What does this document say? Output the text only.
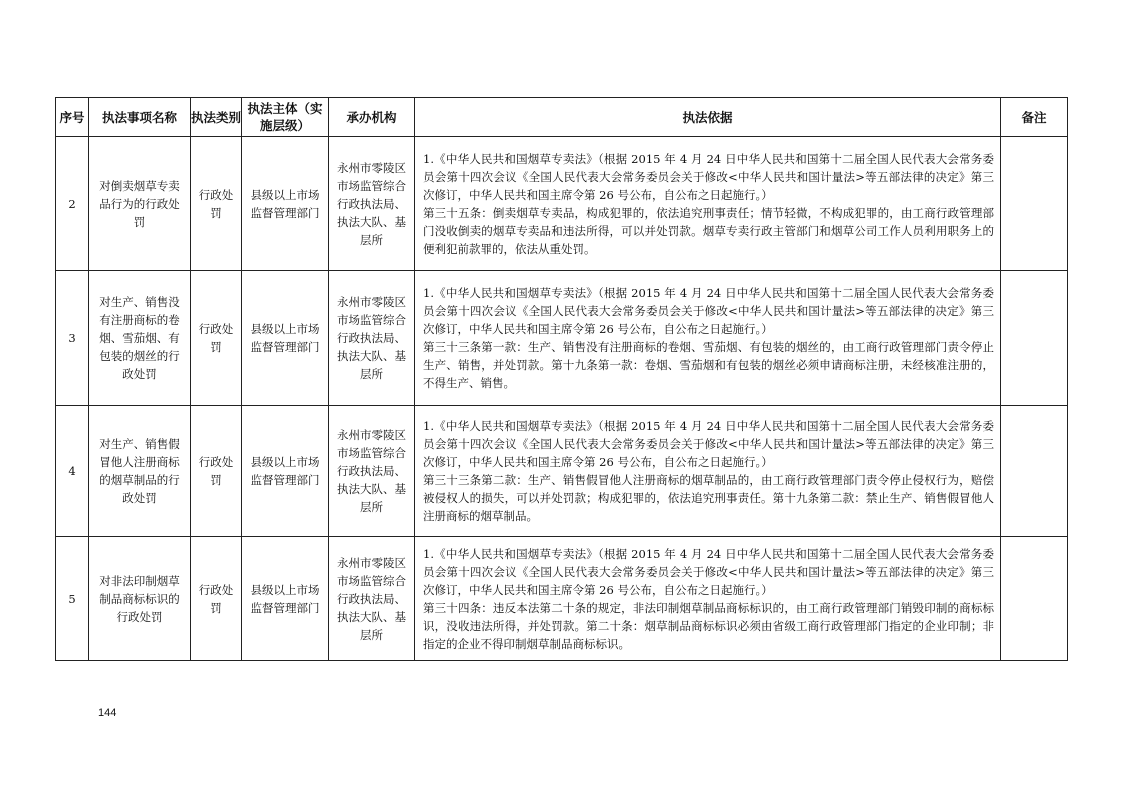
序号	执法事项名称	执法类别	执法主体（实施层级）	承办机构	执法依据	备注
2	对倒卖烟草专卖品行为的行政处罚	行政处罚	县级以上市场监督管理部门	永州市零陵区市场监管综合行政执法局、执法大队、基层所	1.《中华人民共和国烟草专卖法》（根据 2015 年 4 月 24 日中华人民共和国第十二届全国人民代表大会常务委员会第十四次会议《全国人民代表大会常务委员会关于修改<中华人民共和国计量法>等五部法律的决定》第三次修订，中华人民共和国主席令第 26 号公布，自公布之日起施行。）

第三十五条：倒卖烟草专卖品，构成犯罪的，依法追究刑事责任；情节轻微，不构成犯罪的，由工商行政管理部门没收倒卖的烟草专卖品和违法所得，可以并处罚款。烟草专卖行政主管部门和烟草公司工作人员利用职务上的便利犯前款罪的，依法从重处罚。	

3	对生产、销售没有注册商标的卷烟、雪茄烟、有包装的烟丝的行政处罚	行政处罚	县级以上市场监督管理部门	永州市零陵区市场监管综合行政执法局、执法大队、基层所	1.《中华人民共和国烟草专卖法》（根据 2015 年 4 月 24 日中华人民共和国第十二届全国人民代表大会常务委员会第十四次会议《全国人民代表大会常务委员会关于修改<中华人民共和国计量法>等五部法律的决定》第三次修订，中华人民共和国主席令第 26 号公布，自公布之日起施行。）

第三十三条第一款：生产、销售没有注册商标的卷烟、雪茄烟、有包装的烟丝的，由工商行政管理部门责令停止生产、销售，并处罚款。第十九条第一款：卷烟、雪茄烟和有包装的烟丝必须申请商标注册，未经核准注册的，不得生产、销售。	

4	对生产、销售假冒他人注册商标的烟草制品的行政处罚	行政处罚	县级以上市场监督管理部门	永州市零陵区市场监管综合行政执法局、执法大队、基层所	1.《中华人民共和国烟草专卖法》（根据 2015 年 4 月 24 日中华人民共和国第十二届全国人民代表大会常务委员会第十四次会议《全国人民代表大会常务委员会关于修改<中华人民共和国计量法>等五部法律的决定》第三次修订，中华人民共和国主席令第 26 号公布，自公布之日起施行。）

第三十三条第二款：生产、销售假冒他人注册商标的烟草制品的，由工商行政管理部门责令停止侵权行为，赔偿被侵权人的损失，可以并处罚款；构成犯罪的，依法追究刑事责任。第十九条第二款：禁止生产、销售假冒他人注册商标的烟草制品。	

5	对非法印制烟草制品商标标识的行政处罚	行政处罚	县级以上市场监督管理部门	永州市零陵区市场监管综合行政执法局、执法大队、基层所	1.《中华人民共和国烟草专卖法》（根据 2015 年 4 月 24 日中华人民共和国第十二届全国人民代表大会常务委员会第十四次会议《全国人民代表大会常务委员会关于修改<中华人民共和国计量法>等五部法律的决定》第三次修订，中华人民共和国主席令第 26 号公布，自公布之日起施行。）

第三十四条：违反本法第二十条的规定，非法印制烟草制品商标标识的，由工商行政管理部门销毁印制的商标标识，没收违法所得，并处罚款。第二十条：烟草制品商标标识必须由省级工商行政管理部门指定的企业印制；非指定的企业不得印制烟草制品商标标识。	

144
